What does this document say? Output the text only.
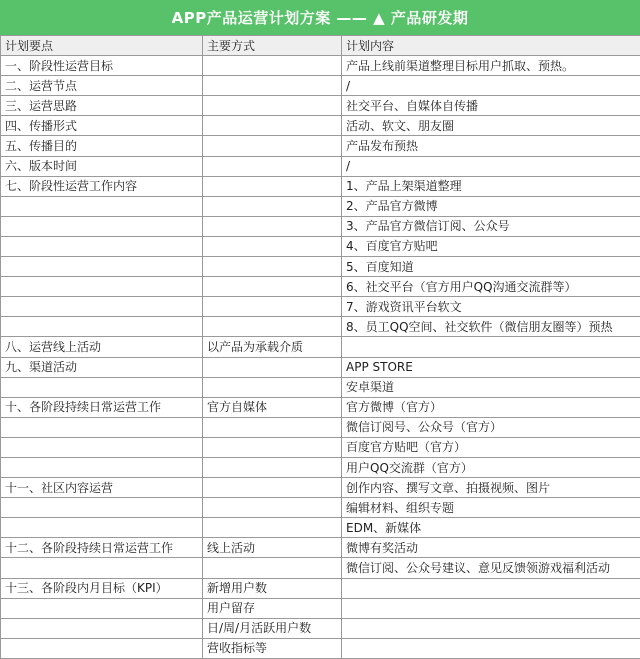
APP产品运营计划方案 —— ▲ 产品研发期
计划要点	主要方式	计划内容
一、阶段性运营目标		产品上线前渠道整理目标用户抓取、预热。
二、运营节点		/
三、运营思路		社交平台、自媒体自传播
四、传播形式		活动、软文、朋友圈
五、传播目的		产品发布预热
六、版本时间		/
七、阶段性运营工作内容		1、产品上架渠道整理
		2、产品官方微博
		3、产品官方微信订阅、公众号
		4、百度官方贴吧
		5、百度知道
		6、社交平台（官方用户QQ沟通交流群等）
		7、游戏资讯平台软文
		8、员工QQ空间、社交软件（微信朋友圈等）预热
八、运营线上活动	以产品为承载介质	
九、渠道活动		APP STORE
		安卓渠道
十、各阶段持续日常运营工作	官方自媒体	官方微博（官方）
		微信订阅号、公众号（官方）
		百度官方贴吧（官方）
		用户QQ交流群（官方）
十一、社区内容运营		创作内容、撰写文章、拍摄视频、图片
		编辑材料、组织专题
		EDM、新媒体
十二、各阶段持续日常运营工作	线上活动	微博有奖活动
		微信订阅、公众号建议、意见反馈领游戏福利活动
十三、各阶段内月目标（KPI）	新增用户数	
	用户留存	
	日/周/月活跃用户数	
	营收指标等	
